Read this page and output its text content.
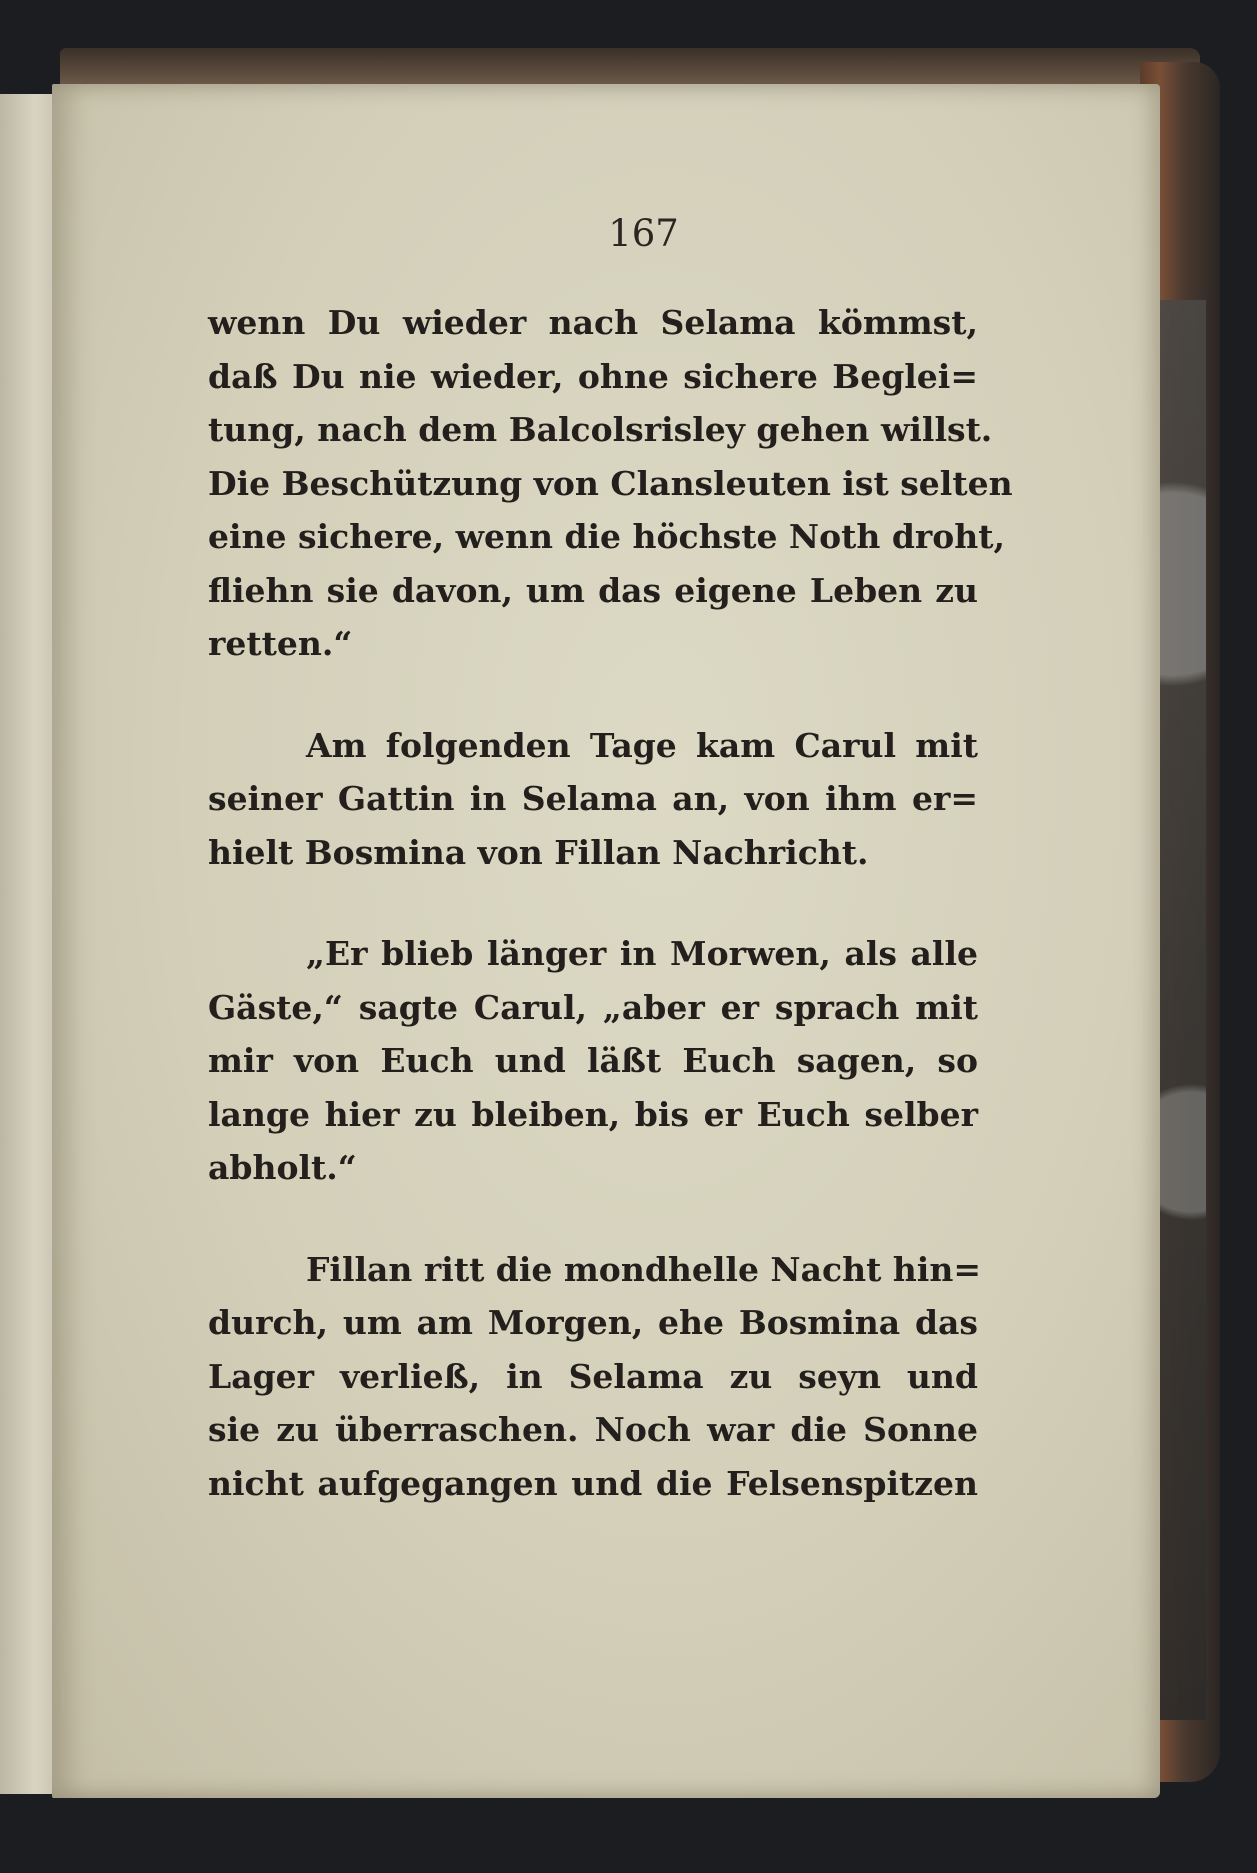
167
wenn Du wieder nach Selama kömmst,
daß Du nie wieder, ohne sichere Beglei=
tung, nach dem Balcolsrisley gehen willst.
Die Beschützung von Clansleuten ist selten
eine sichere, wenn die höchste Noth droht,
fliehn sie davon, um das eigene Leben zu
retten.“
Am folgenden Tage kam Carul mit
seiner Gattin in Selama an, von ihm er=
hielt Bosmina von Fillan Nachricht.
„Er blieb länger in Morwen, als alle
Gäste,“ sagte Carul, „aber er sprach mit
mir von Euch und läßt Euch sagen, so
lange hier zu bleiben, bis er Euch selber
abholt.“
Fillan ritt die mondhelle Nacht hin=
durch, um am Morgen, ehe Bosmina das
Lager verließ, in Selama zu seyn und
sie zu überraschen. Noch war die Sonne
nicht aufgegangen und die Felsenspitzen
